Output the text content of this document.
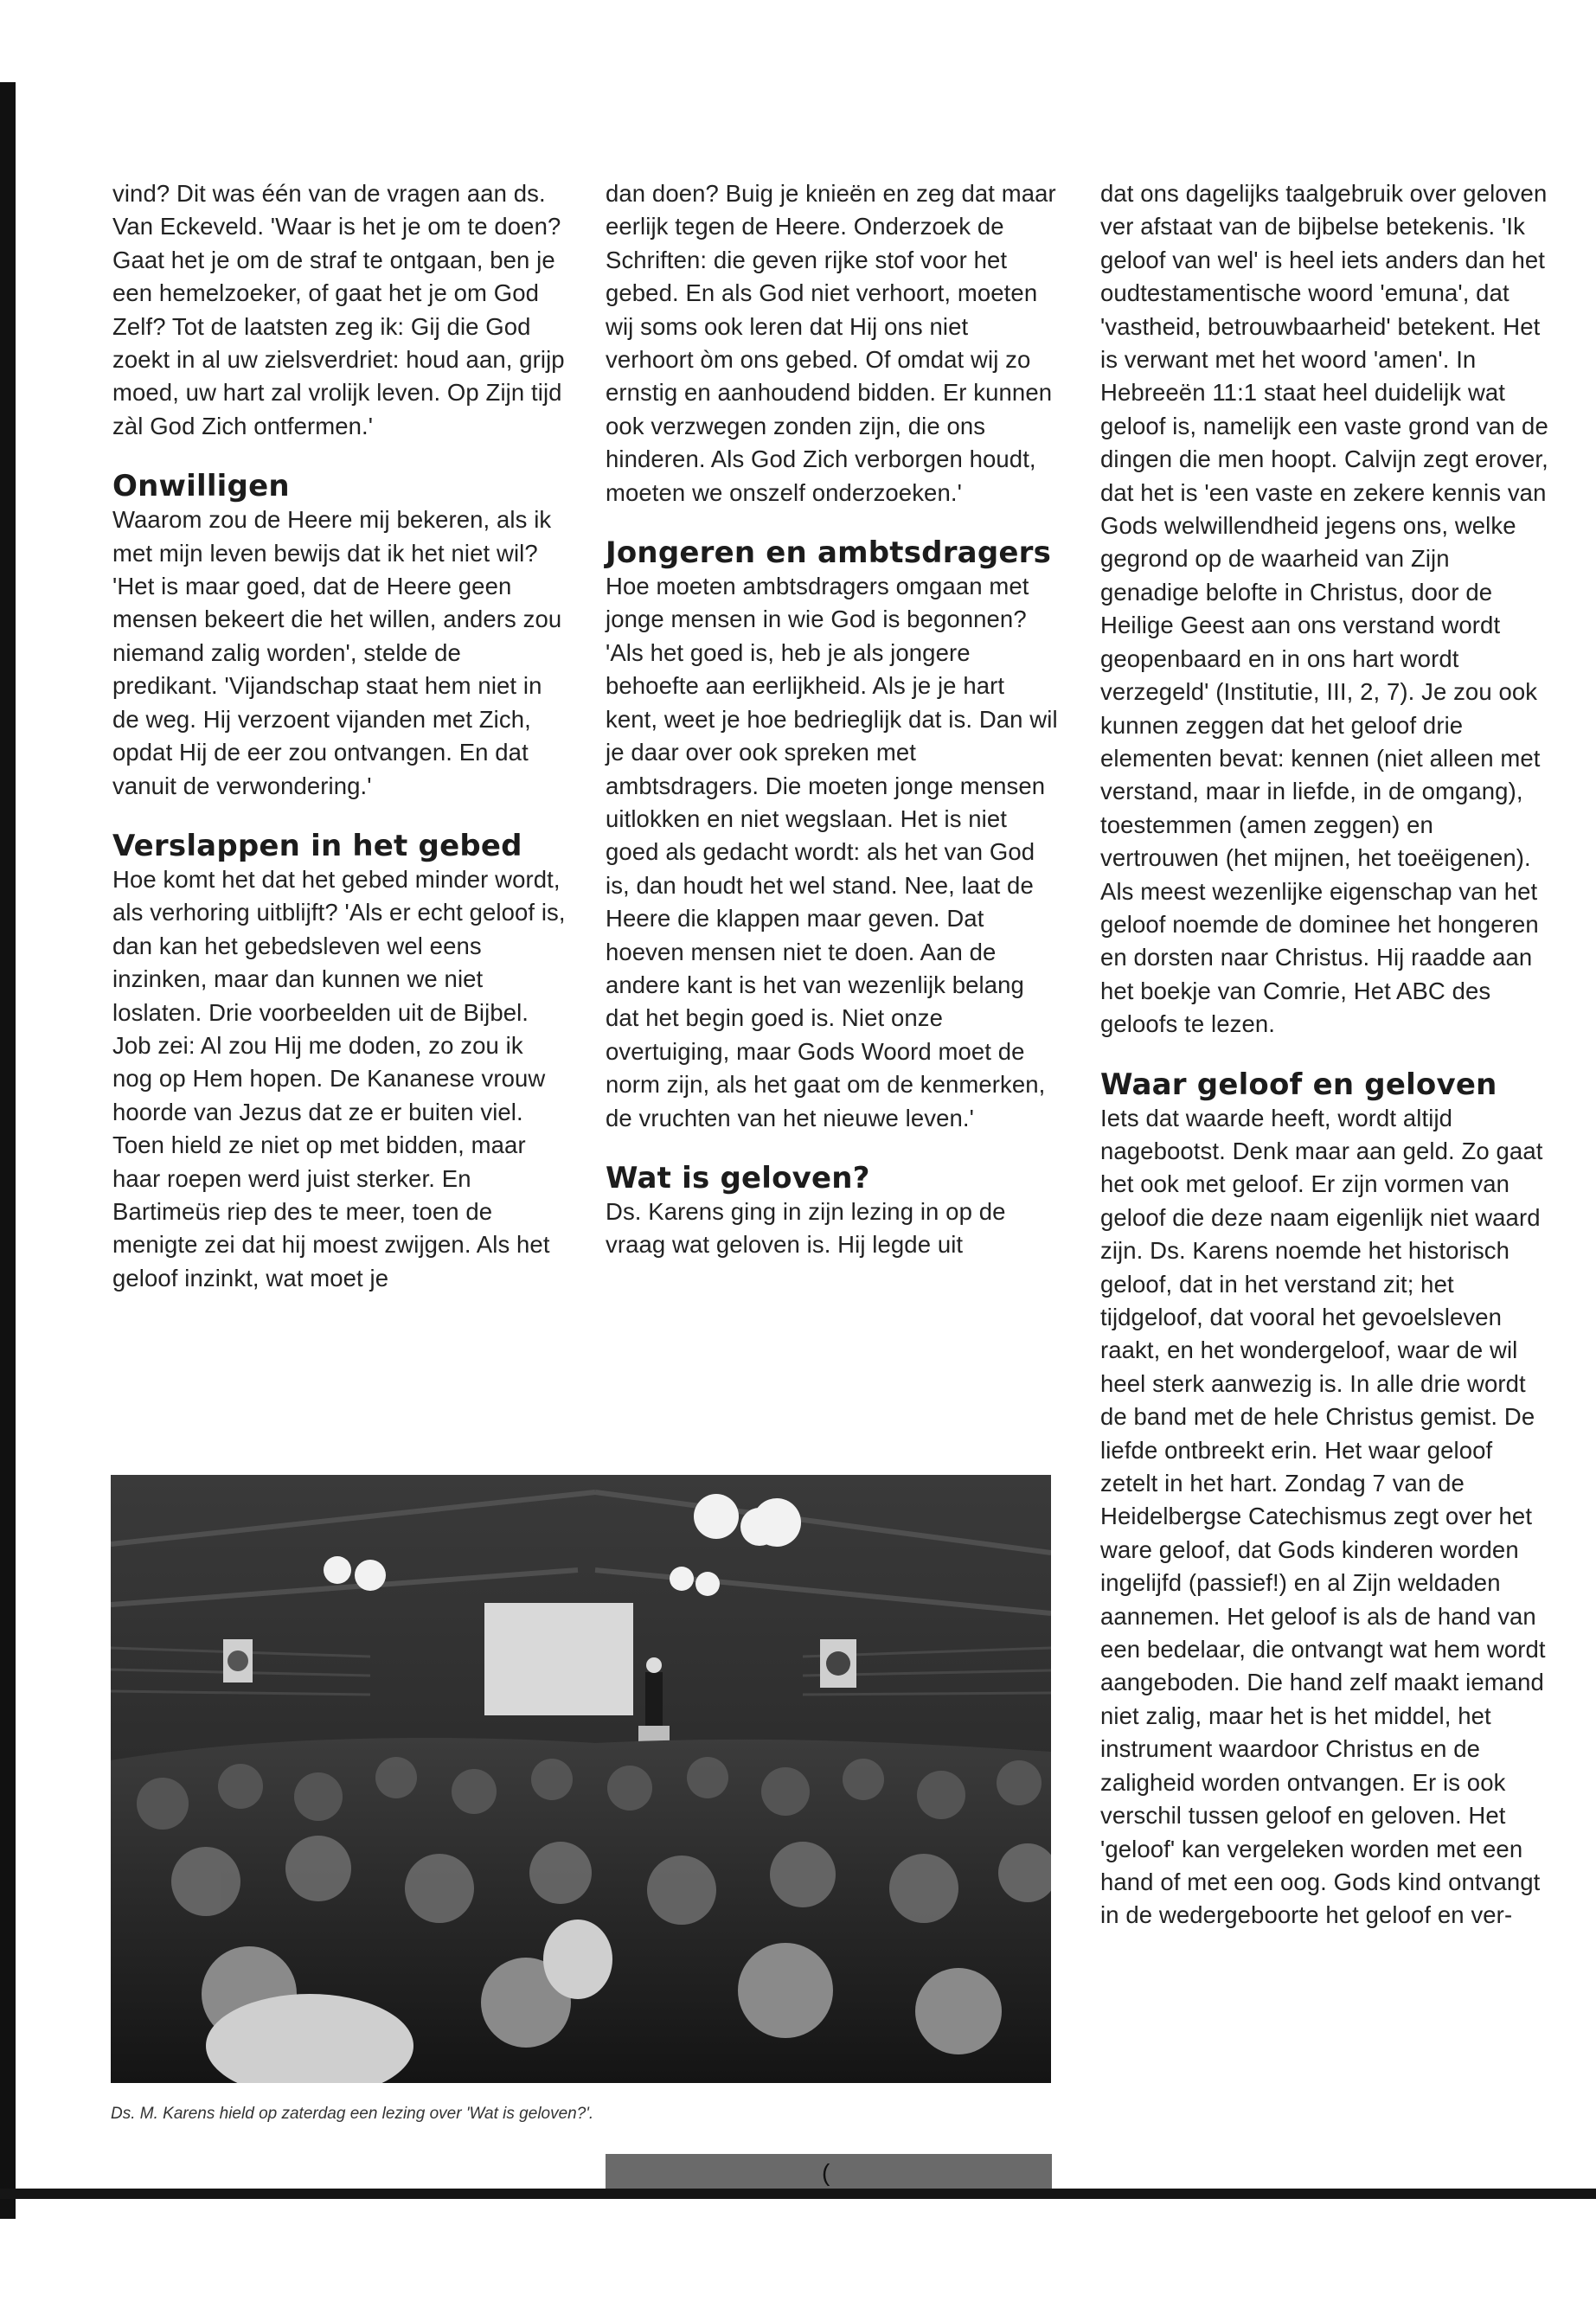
vind? Dit was één van de vragen aan ds. Van Eckeveld. 'Waar is het je om te doen? Gaat het je om de straf te ontgaan, ben je een hemelzoeker, of gaat het je om God Zelf? Tot de laatsten zeg ik: Gij die God zoekt in al uw zielsverdriet: houd aan, grijp moed, uw hart zal vrolijk leven. Op Zijn tijd zàl God Zich ontfermen.'

Onwilligen

Waarom zou de Heere mij bekeren, als ik met mijn leven bewijs dat ik het niet wil? 'Het is maar goed, dat de Heere geen mensen bekeert die het willen, anders zou niemand zalig worden', stelde de predikant. 'Vijandschap staat hem niet in de weg. Hij verzoent vijanden met Zich, opdat Hij de eer zou ontvangen. En dat vanuit de verwondering.'

Verslappen in het gebed

Hoe komt het dat het gebed minder wordt, als verhoring uitblijft? 'Als er echt geloof is, dan kan het gebedsleven wel eens inzinken, maar dan kunnen we niet loslaten. Drie voorbeelden uit de Bijbel. Job zei: Al zou Hij me doden, zo zou ik nog op Hem hopen. De Kananese vrouw hoorde van Jezus dat ze er buiten viel. Toen hield ze niet op met bidden, maar haar roepen werd juist sterker. En Bartimeüs riep des te meer, toen de menigte zei dat hij moest zwijgen. Als het geloof inzinkt, wat moet je

dan doen? Buig je knieën en zeg dat maar eerlijk tegen de Heere. Onderzoek de Schriften: die geven rijke stof voor het gebed. En als God niet verhoort, moeten wij soms ook leren dat Hij ons niet verhoort òm ons gebed. Of omdat wij zo ernstig en aanhoudend bidden. Er kunnen ook verzwegen zonden zijn, die ons hinderen. Als God Zich verborgen houdt, moeten we onszelf onderzoeken.'

Jongeren en ambtsdragers

Hoe moeten ambtsdragers omgaan met jonge mensen in wie God is begonnen? 'Als het goed is, heb je als jongere behoefte aan eerlijkheid. Als je je hart kent, weet je hoe bedrieglijk dat is. Dan wil je daar over ook spreken met ambtsdragers. Die moeten jonge mensen uitlokken en niet wegslaan. Het is niet goed als gedacht wordt: als het van God is, dan houdt het wel stand. Nee, laat de Heere die klappen maar geven. Dat hoeven mensen niet te doen. Aan de andere kant is het van wezenlijk belang dat het begin goed is. Niet onze overtuiging, maar Gods Woord moet de norm zijn, als het gaat om de kenmerken, de vruchten van het nieuwe leven.'

Wat is geloven?

Ds. Karens ging in zijn lezing in op de vraag wat geloven is. Hij legde uit

dat ons dagelijks taalgebruik over geloven ver afstaat van de bijbelse betekenis. 'Ik geloof van wel' is heel iets anders dan het oudtestamentische woord 'emuna', dat 'vastheid, betrouwbaarheid' betekent. Het is verwant met het woord 'amen'. In Hebreeën 11:1 staat heel duidelijk wat geloof is, namelijk een vaste grond van de dingen die men hoopt. Calvijn zegt erover, dat het is 'een vaste en zekere kennis van Gods welwillendheid jegens ons, welke gegrond op de waarheid van Zijn genadige belofte in Christus, door de Heilige Geest aan ons verstand wordt geopenbaard en in ons hart wordt verzegeld' (Institutie, III, 2, 7). Je zou ook kunnen zeggen dat het geloof drie elementen bevat: kennen (niet alleen met verstand, maar in liefde, in de omgang), toestemmen (amen zeggen) en vertrouwen (het mijnen, het toeëigenen). Als meest wezenlijke eigenschap van het geloof noemde de dominee het hongeren en dorsten naar Christus. Hij raadde aan het boekje van Comrie, Het ABC des geloofs te lezen.

Waar geloof en geloven

Iets dat waarde heeft, wordt altijd nagebootst. Denk maar aan geld. Zo gaat het ook met geloof. Er zijn vormen van geloof die deze naam eigenlijk niet waard zijn. Ds. Karens noemde het historisch geloof, dat in het verstand zit; het tijdgeloof, dat vooral het gevoelsleven raakt, en het wondergeloof, waar de wil heel sterk aanwezig is. In alle drie wordt de band met de hele Christus gemist. De liefde ontbreekt erin. Het waar geloof zetelt in het hart. Zondag 7 van de Heidelbergse Catechismus zegt over het ware geloof, dat Gods kinderen worden ingelijfd (passief!) en al Zijn weldaden aannemen. Het geloof is als de hand van een bedelaar, die ontvangt wat hem wordt aangeboden. Die hand zelf maakt iemand niet zalig, maar het is het middel, het instrument waardoor Christus en de zaligheid worden ontvangen. Er is ook verschil tussen geloof en geloven. Het 'geloof' kan vergeleken worden met een hand of met een oog. Gods kind ontvangt in de wedergeboorte het geloof en ver-

Ds. M. Karens hield op zaterdag een lezing over 'Wat is geloven?'.
(
